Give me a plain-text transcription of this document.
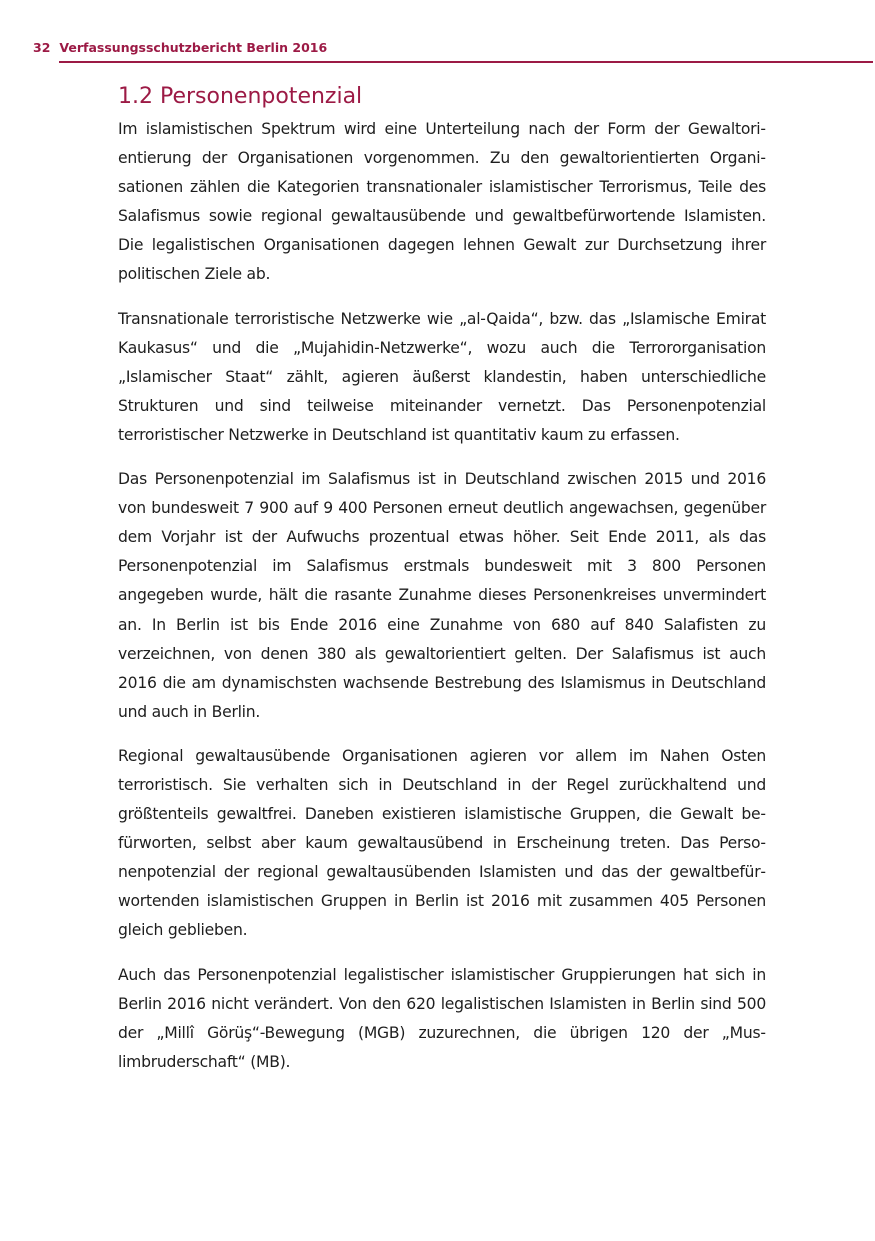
32 Verfassungsschutzbericht Berlin 2016
1.2 Personenpotenzial

Im islamistischen Spektrum wird eine Unterteilung nach der Form der Gewaltorientierung der Organisationen vorgenommen. Zu den gewaltorientierten Organisationen zählen die Kategorien transnationaler islamistischer Terrorismus, Teile des Salafismus sowie regional gewaltausübende und gewaltbefürwortende Islamisten. Die legalistischen Organisationen dagegen lehnen Gewalt zur Durchsetzung ihrer politischen Ziele ab.

Transnationale terroristische Netzwerke wie „al-Qaida“, bzw. das „Islamische Emirat Kaukasus“ und die „Mujahidin-Netzwerke“, wozu auch die Terrororganisation „Islamischer Staat“ zählt, agieren äußerst klandestin, haben unterschiedliche Strukturen und sind teilweise miteinander vernetzt. Das Personenpotenzial terroristischer Netzwerke in Deutschland ist quantitativ kaum zu erfassen.

Das Personenpotenzial im Salafismus ist in Deutschland zwischen 2015 und 2016 von bundesweit 7 900 auf 9 400 Personen erneut deutlich angewachsen, gegenüber dem Vorjahr ist der Aufwuchs prozentual etwas höher. Seit Ende 2011, als das Personenpotenzial im Salafismus erstmals bundesweit mit 3 800 Personen angegeben wurde, hält die rasante Zunahme dieses Personenkreises unvermindert an. In Berlin ist bis Ende 2016 eine Zunahme von 680 auf 840 Salafisten zu verzeichnen, von denen 380 als gewaltorientiert gelten. Der Salafismus ist auch 2016 die am dynamischsten wachsende Bestrebung des Islamismus in Deutschland und auch in Berlin.

Regional gewaltausübende Organisationen agieren vor allem im Nahen Osten terroristisch. Sie verhalten sich in Deutschland in der Regel zurückhaltend und größtenteils gewaltfrei. Daneben existieren islamistische Gruppen, die Gewalt befürworten, selbst aber kaum gewaltausübend in Erscheinung treten. Das Personenpotenzial der regional gewaltausübenden Islamisten und das der gewaltbefürwortenden islamistischen Gruppen in Berlin ist 2016 mit zusammen 405 Personen gleich geblieben.

Auch das Personenpotenzial legalistischer islamistischer Gruppierungen hat sich in Berlin 2016 nicht verändert. Von den 620 legalistischen Islamisten in Berlin sind 500 der „Millî Görüş“-Bewegung (MGB) zuzurechnen, die übrigen 120 der „Muslimbruderschaft“ (MB).
